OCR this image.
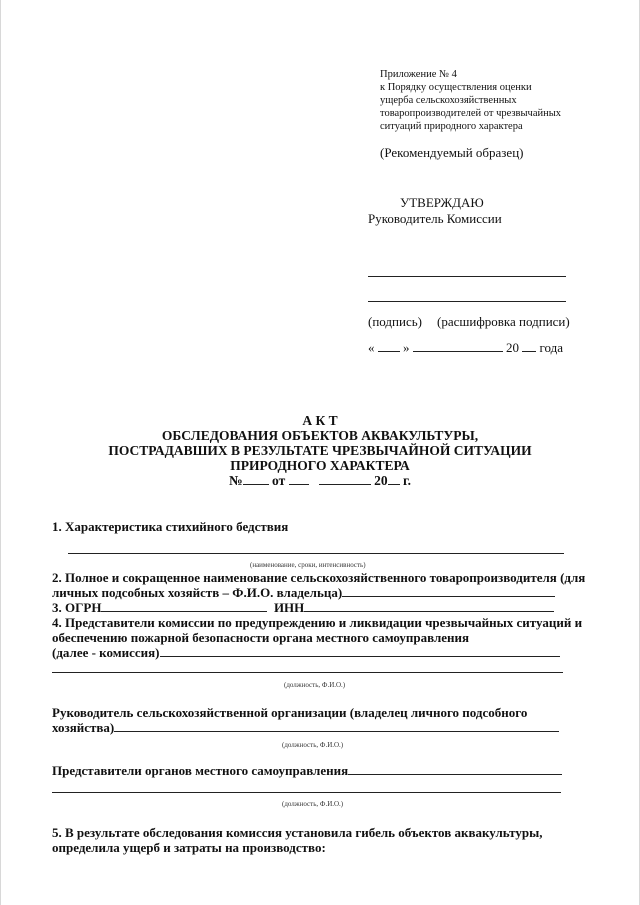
Приложение № 4
к Порядку осуществления оценки
ущерба сельскохозяйственных
товаропроизводителей от чрезвычайных
ситуаций природного характера
(Рекомендуемый образец)
УТВЕРЖДАЮ
Руководитель Комиссии
(подпись) (расшифровка подписи)
« »	20 года
А К Т
ОБСЛЕДОВАНИЯ ОБЪЕКТОВ АКВАКУЛЬТУРЫ,
ПОСТРАДАВШИХ В РЕЗУЛЬТАТЕ ЧРЕЗВЫЧАЙНОЙ СИТУАЦИИ
ПРИРОДНОГО ХАРАКТЕРА
№ от	20 г.
1. Характеристика стихийного бедствия
(наименование, сроки, интенсивность)
2. Полное и сокращенное наименование сельскохозяйственного товаропроизводителя (для
личных подсобных хозяйств – Ф.И.О. владельца)
3. ОГРН	ИНН
4. Представители комиссии по предупреждению и ликвидации чрезвычайных ситуаций и
обеспечению пожарной безопасности органа местного самоуправления
(далее - комиссия)
(должность, Ф.И.О.)
Руководитель сельскохозяйственной организации (владелец личного подсобного
хозяйства)
(должность, Ф.И.О.)
Представители органов местного самоуправления
(должность, Ф.И.О.)
5. В результате обследования комиссия установила гибель объектов аквакультуры,
определила ущерб и затраты на производство:
